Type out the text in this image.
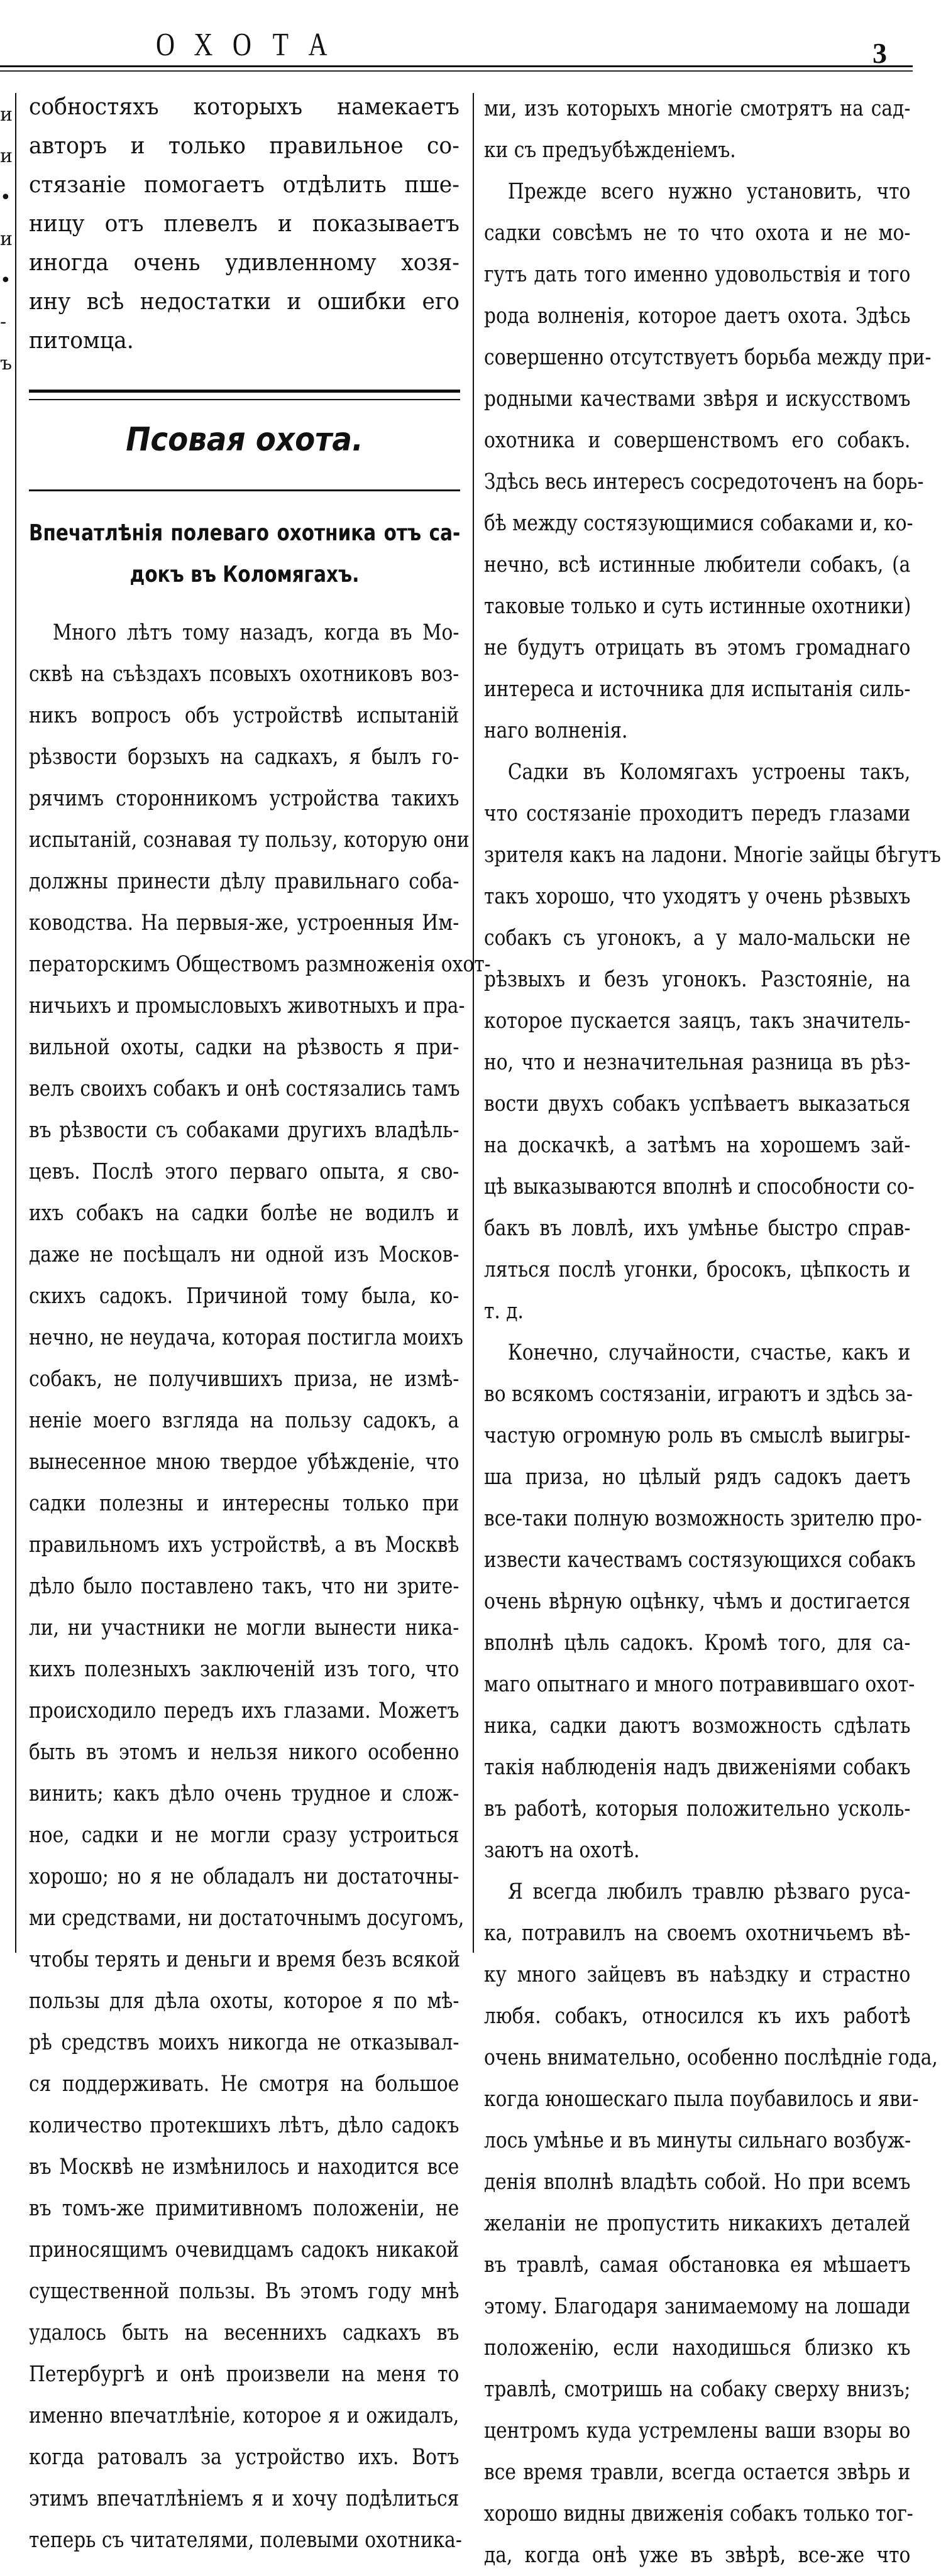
ОХОТА	3
и
и
•
и
•
-
ъ
собностяхъ которыхъ намекаетъ
авторъ и только правильное со-
стязаніе помогаетъ отдѣлить пше-
ницу отъ плевелъ и показываетъ
иногда очень удивленному хозя-
ину всѣ недостатки и ошибки его
питомца.
Псовая охота.
Впечатлѣнія полеваго охотника отъ са-
докъ въ Коломягахъ.
Много лѣтъ тому назадъ, когда въ Мо-
сквѣ на съѣздахъ псовыхъ охотниковъ воз-
никъ вопросъ объ устройствѣ испытаній
рѣзвости борзыхъ на садкахъ, я былъ го-
рячимъ сторонникомъ устройства такихъ
испытаній, сознавая ту пользу, которую они
должны принести дѣлу правильнаго соба-
ководства. На первыя-же, устроенныя Им-
ператорскимъ Обществомъ размноженія охот-
ничьихъ и промысловыхъ животныхъ и пра-
вильной охоты, садки на рѣзвость я при-
велъ своихъ собакъ и онѣ состязались тамъ
въ рѣзвости съ собаками другихъ владѣль-
цевъ. Послѣ этого перваго опыта, я сво-
ихъ собакъ на садки болѣе не водилъ и
даже не посѣщалъ ни одной изъ Москов-
скихъ садокъ. Причиной тому была, ко-
нечно, не неудача, которая постигла моихъ
собакъ, не получившихъ приза, не измѣ-
неніе моего взгляда на пользу садокъ, а
вынесенное мною твердое убѣжденіе, что
садки полезны и интересны только при
правильномъ ихъ устройствѣ, а въ Москвѣ
дѣло было поставлено такъ, что ни зрите-
ли, ни участники не могли вынести ника-
кихъ полезныхъ заключеній изъ того, что
происходило передъ ихъ глазами. Можетъ
быть въ этомъ и нельзя никого особенно
винить; какъ дѣло очень трудное и слож-
ное, садки и не могли сразу устроиться
хорошо; но я не обладалъ ни достаточны-
ми средствами, ни достаточнымъ досугомъ,
чтобы терять и деньги и время безъ всякой
пользы для дѣла охоты, которое я по мѣ-
рѣ средствъ моихъ никогда не отказывал-
ся поддерживать. Не смотря на большое
количество протекшихъ лѣтъ, дѣло садокъ
въ Москвѣ не измѣнилось и находится все
въ томъ-же примитивномъ положеніи, не
приносящимъ очевидцамъ садокъ никакой
существенной пользы. Въ этомъ году мнѣ
удалось быть на весеннихъ садкахъ въ
Петербургѣ и онѣ произвели на меня то
именно впечатлѣніе, которое я и ожидалъ,
когда ратовалъ за устройство ихъ. Вотъ
этимъ впечатлѣніемъ я и хочу подѣлиться
теперь съ читателями, полевыми охотника-
ми, изъ которыхъ многіе смотрятъ на сад-
ки съ предъубѣжденіемъ.
Прежде всего нужно установить, что
садки совсѣмъ не то что охота и не мо-
гутъ дать того именно удовольствія и того
рода волненія, которое даетъ охота. Здѣсь
совершенно отсутствуетъ борьба между при-
родными качествами звѣря и искусствомъ
охотника и совершенствомъ его собакъ.
Здѣсь весь интересъ сосредоточенъ на борь-
бѣ между состязующимися собаками и, ко-
нечно, всѣ истинные любители собакъ, (а
таковые только и суть истинные охотники)
не будутъ отрицать въ этомъ громаднаго
интереса и источника для испытанія силь-
наго волненія.
Садки въ Коломягахъ устроены такъ,
что состязаніе проходитъ передъ глазами
зрителя какъ на ладони. Многіе зайцы бѣгутъ
такъ хорошо, что уходятъ у очень рѣзвыхъ
собакъ съ угонокъ, а у мало-мальски не
рѣзвыхъ и безъ угонокъ. Разстояніе, на
которое пускается заяцъ, такъ значитель-
но, что и незначительная разница въ рѣз-
вости двухъ собакъ успѣваетъ выказаться
на доскачкѣ, а затѣмъ на хорошемъ зай-
цѣ выказываются вполнѣ и способности со-
бакъ въ ловлѣ, ихъ умѣнье быстро справ-
ляться послѣ угонки, бросокъ, цѣпкость и
т. д.
Конечно, случайности, счастье, какъ и
во всякомъ состязаніи, играютъ и здѣсь за-
частую огромную роль въ смыслѣ выигры-
ша приза, но цѣлый рядъ садокъ даетъ
все-таки полную возможность зрителю про-
извести качествамъ состязующихся собакъ
очень вѣрную оцѣнку, чѣмъ и достигается
вполнѣ цѣль садокъ. Кромѣ того, для са-
маго опытнаго и много потравившаго охот-
ника, садки даютъ возможность сдѣлать
такія наблюденія надъ движеніями собакъ
въ работѣ, которыя положительно усколь-
заютъ на охотѣ.
Я всегда любилъ травлю рѣзваго руса-
ка, потравилъ на своемъ охотничьемъ вѣ-
ку много зайцевъ въ наѣздку и страстно
любя. собакъ, относился къ ихъ работѣ
очень внимательно, особенно послѣдніе года,
когда юношескаго пыла поубавилось и яви-
лось умѣнье и въ минуты сильнаго возбуж-
денія вполнѣ владѣть собой. Но при всемъ
желаніи не пропустить никакихъ деталей
въ травлѣ, самая обстановка ея мѣшаетъ
этому. Благодаря занимаемому на лошади
положенію, если находишься близко къ
травлѣ, смотришь на собаку сверху внизъ;
центромъ куда устремлены ваши взоры во
все время травли, всегда остается звѣрь и
хорошо видны движенія собакъ только тог-
да, когда онѣ уже въ звѣрѣ, все-же что
